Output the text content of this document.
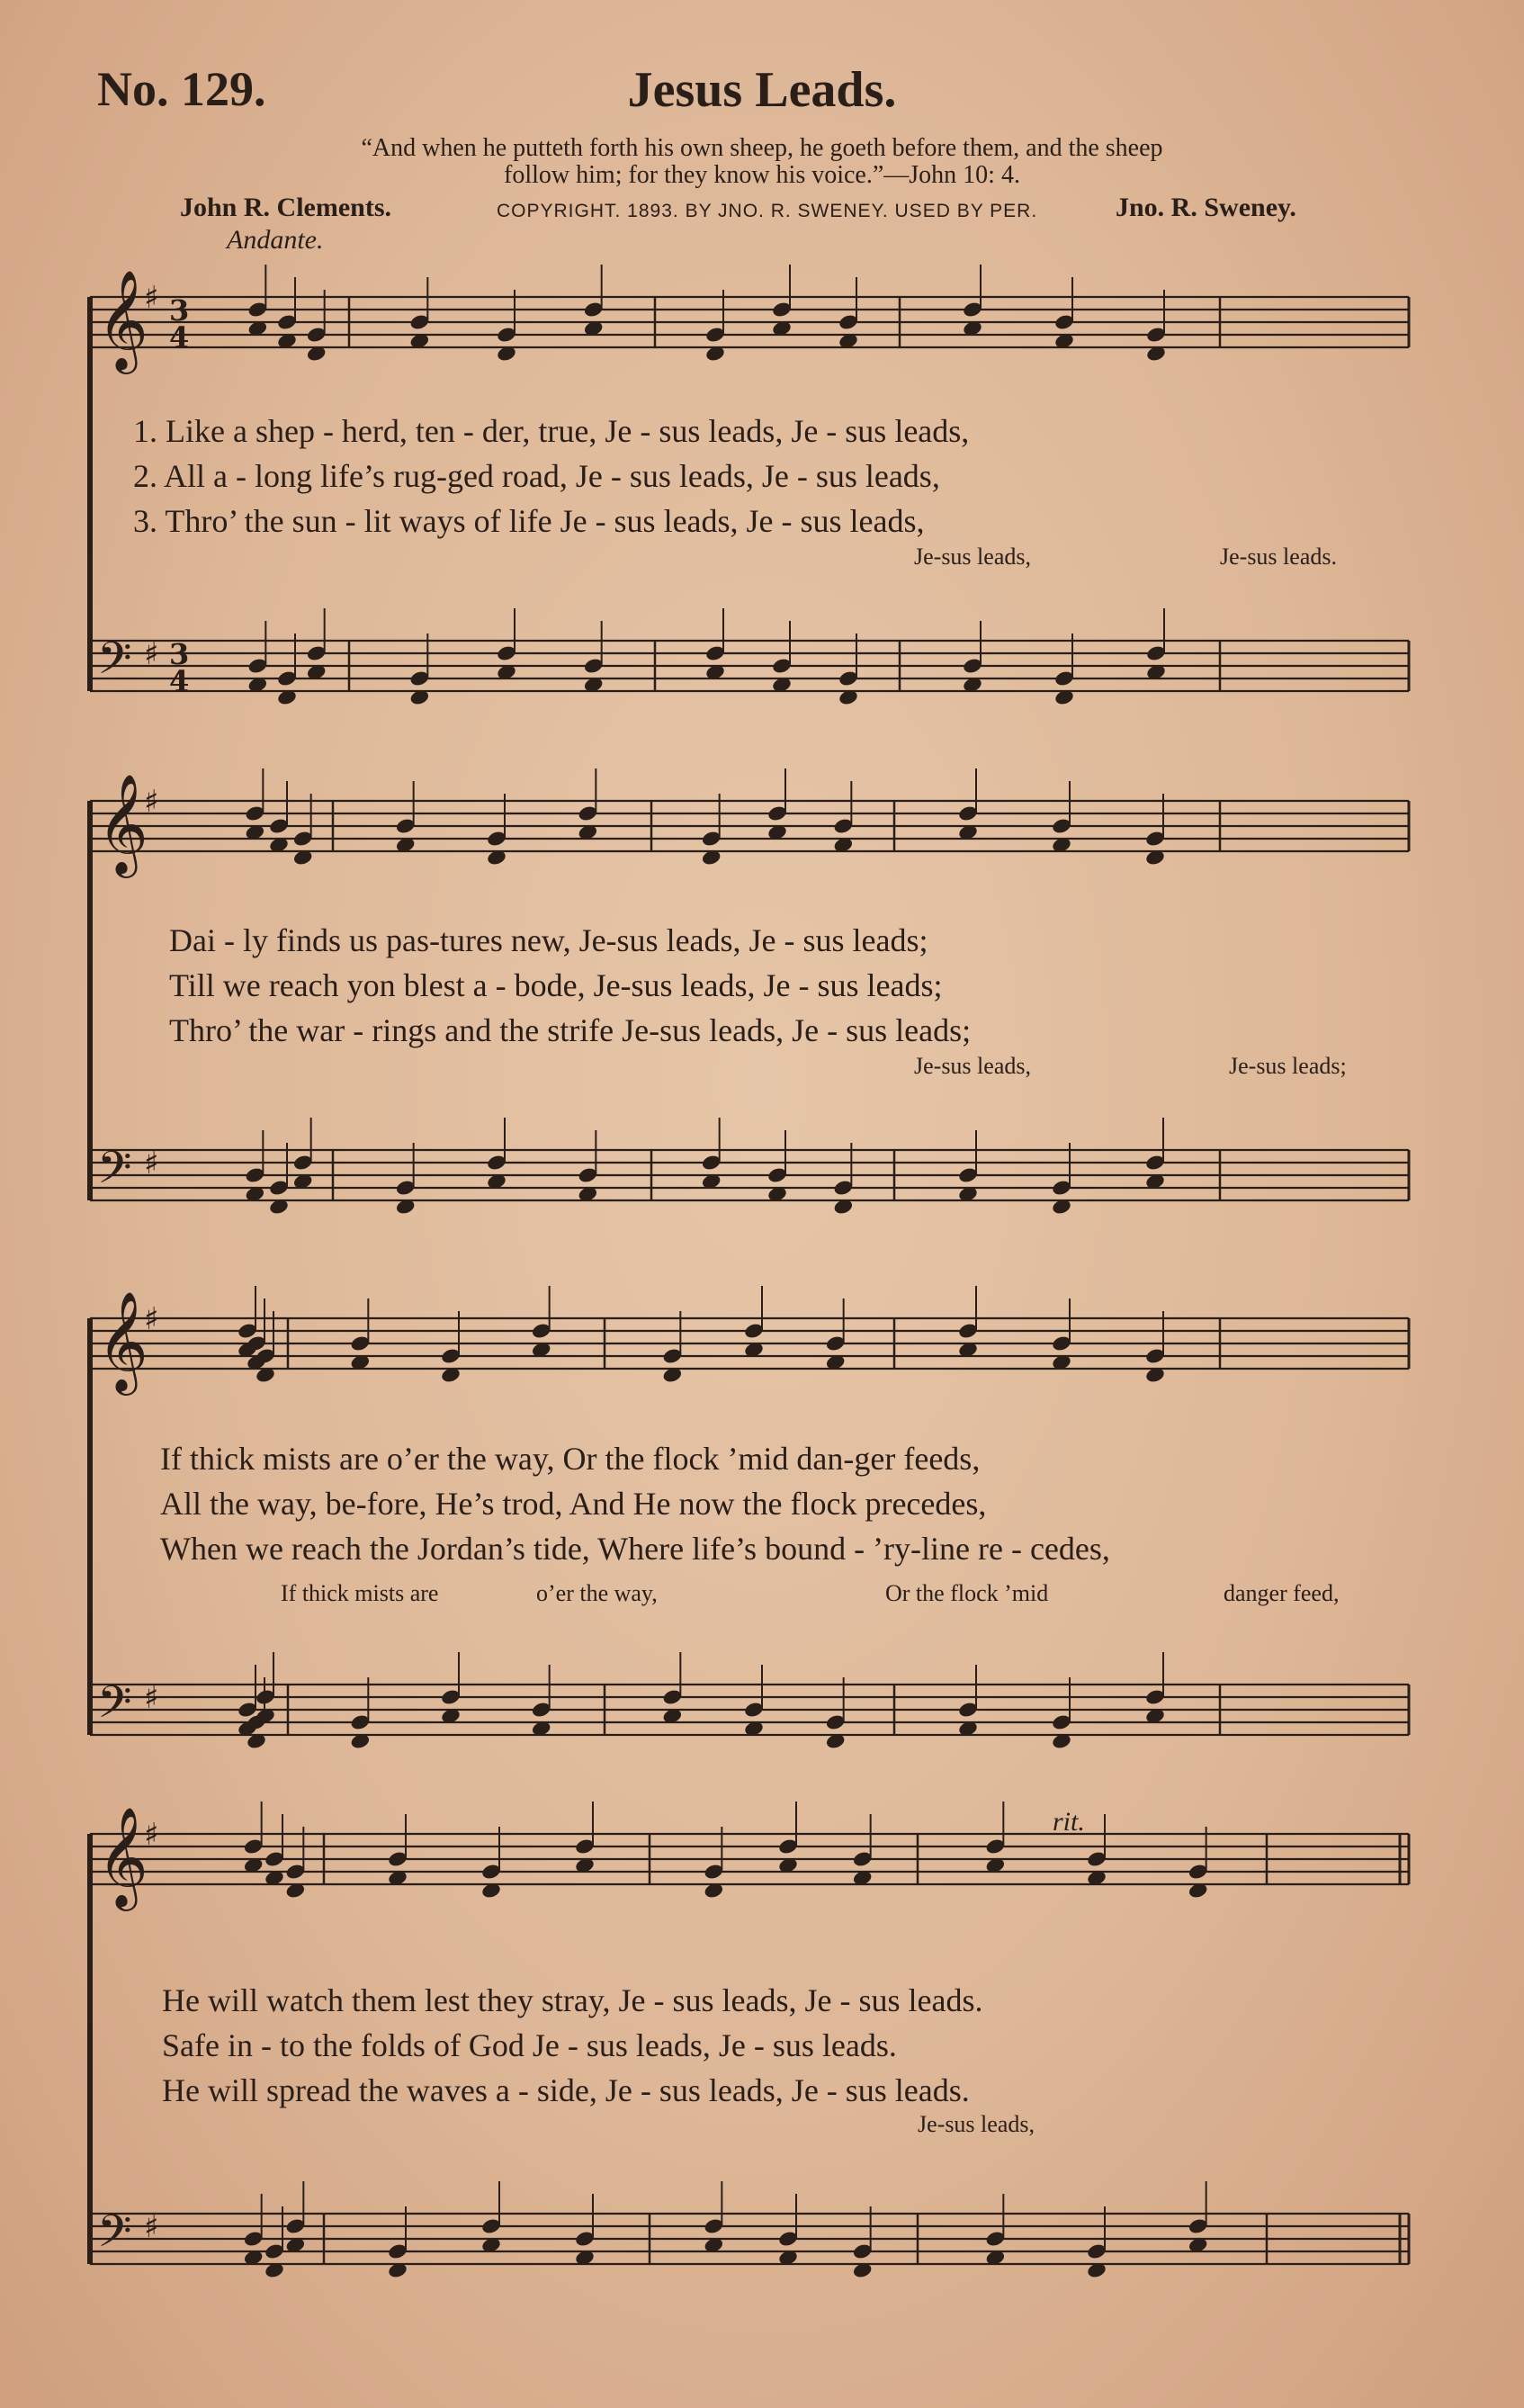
No. 129.	Jesus Leads.
“And when he putteth forth his own sheep, he goeth before them, and the sheep
follow him; for they know his voice.”—John 10: 4.
John R. Clements.	COPYRIGHT. 1893. BY JNO. R. SWENEY. USED BY PER.	Jno. R. Sweney.
Andante.
rit.
𝄞
♯ 3
4
𝄢 ♯ 3
4
𝄞
♯
𝄢 ♯
𝄞
♯
𝄢 ♯
𝄞
♯
𝄢 ♯
1. Like a shep - herd, ten - der, true, Je - sus leads, Je - sus leads,
2. All a - long life’s rug-ged road, Je - sus leads, Je - sus leads,
3. Thro’ the sun - lit ways of life Je - sus leads, Je - sus leads,
Je-sus leads,	Je-sus leads.
Dai - ly finds us pas-tures new, Je-sus leads, Je - sus leads;
Till we reach yon blest a - bode, Je-sus leads, Je - sus leads;
Thro’ the war - rings and the strife Je-sus leads, Je - sus leads;
Je-sus leads,	Je-sus leads;
If thick mists are o’er the way, Or the flock ’mid dan-ger feeds,
All the way, be-fore, He’s trod, And He now the flock precedes,
When we reach the Jordan’s tide, Where life’s bound - ’ry-line re - cedes,
If thick mists are	o’er the way,	Or the flock ’mid	danger feed,
He will watch them lest they stray, Je - sus leads, Je - sus leads.
Safe in - to the folds of God Je - sus leads, Je - sus leads.
He will spread the waves a - side, Je - sus leads, Je - sus leads.
Je-sus leads,
